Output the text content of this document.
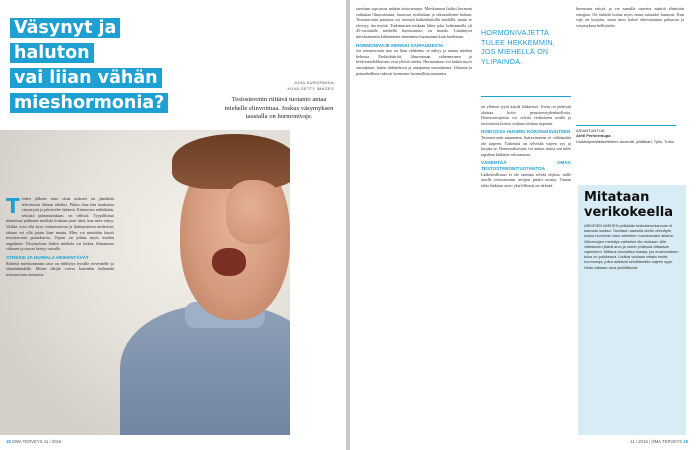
Väsynyt ja haluton
vai liian vähän
mieshormonia?
JUHA KUROPAKKA
KUVA GETTY IMAGES
Testosteronin riittävä tuotanto antaa miehelle elinvoimaa. Joskus väsymyksen taustalla on hormonivaje.
T öiden jälkeen mies ottaa nokoset tai jämähtää televisiosta ähtuun ötkäksi. Pitkin iltaa hän haukottaa väsymystä ja päivittelee ikäänsä. Kiinnostus mihinkään, seksistä puhumattakaan, on vähissä. Tyypillisissä tilanteissa pidämme mieliala loukuna juuri tästä, kun mies väsyy. Vaikka voisi olla kyse voimavaroista ja ikääntymisen merkeistä, takana voi olla jotain ihan muuta. Mies voi nimittäin kärsiä testosteronin puutoksesta. Vajaus on johtaa myös muihin ongelmiin. Väsymyksen lisäksi mieliala voi laskea, lihasmassa vähenee ja rasvaa kertyy vatsalle.
STRESSI JA HUIMALA HEIKENTÄVÄT
Riittävä mieshormonin taso on edellytys hyvälle terveydelle ja elämänlaadulle. Monet tekijät voivat kuitenkin heikentää testosteronin tuotantoa.
18 OMA TERVEYS 11 / 2016
tarvitaan sopivassa määrin testosteronia. Mieskunnon lisäksi hormoni vaikuttaa lihasvoimaan, luustoon, mielialaan ja seksuaaliseen haluun. Testosteronin puutosta voi esiintyä kaikenikäisillä miehillä, mutta se yleistyy iän myötä. Tutkimusten mukaan lähes joka kolmannella yli 45-vuotiaalla miehellä hormonitaso on matala. Lisääntyvä mieshormonin kiihtäminen ennemmin huomataan kuin hoidetaan.
HORMONIVAJE MERKKI SAIRAUDESTA
Jos testosteronin taso on liian vähäinen, se näkyy ja tuntuu miehen kehossa. Erektiohäiriöt, lihasvoiman väheneminen ja keskivartalolihavuus ovat yleisiä oireita. Hormonitaso voi laskea myös sairauksien, kuten diabeteksen ja uniapnean seurauksena. Liikunta ja painonhallinta tukevat hormonin luonnollista tuotantoa.
HORMONIVAJETTA TULEE HEKKEMMIN, JOS MIEHELLÄ ON YLIPAINOA.
on yleensä syytä käydä lääkärissä. Usein on järkevää aloittaa hoito perusterveydenhuollosta. Hormonivajeesta voi selvitä verikokeen avulla ja tarvittaessa hoitoa voidaan aloittaa nopeasti.
HOIDOSSA HUOMIO KOKONAISUUTEEN
Testosteronin antaminen lisäravinteena ei välttämättä ole tarpeen. Tärkeintä on selvittää vajeen syy ja korjata se. Hormonikorvaus voi auttaa, mutta sen tulee tapahtua lääkärin valvonnassa.
VÄHENTÄÄ OMAA TESTOSTERONITUOTANTOA
Lääketeollisuus ei ole ainoana selvää ohjetta, mille tasolle testosteronin arvojen pitäisi nousta. Tämän takia lääkärin arvio yksilöllisesti on tärkeää.
hormonin erittyä ja vie samalla suureita määriä elimistön energiaa. On tärkeää hoitaa myös muut sairaudet kuntoon. Kun vaje on korjattu, moni mies kokee elinvoimansa palaavan ja väsymyksen hellittävän.
ASIANTUNTIJA
Antti Perheentupa
Lisääntymislääketieteen dosentti, ylilääkäri, Tyks, Turku
Mitataan
verikokeella
ARKIISEN MIEHEN pelkkään testosteroniarvoon ei kannata luottaa. Tarvitaan aamulla otettu verinäyte, koska hormonin taso vaihtelee vuorokauden aikana. Viitearvojen merkitys vaihtelee iän mukaan. Alle viitealueen jäävä arvo ja oireet yhdessä viittaavat vajeeseen. Mittaus kannattaa toistaa, jos ensimmäinen tulos on poikkeava. Lisäksi voidaan mitata muita hormoneja, jotka auttavat selvittämään vajeen syyn. Hoito valitaan aina yksilöllisesti.
11 / 2016 | OMA TERVEYS 19
